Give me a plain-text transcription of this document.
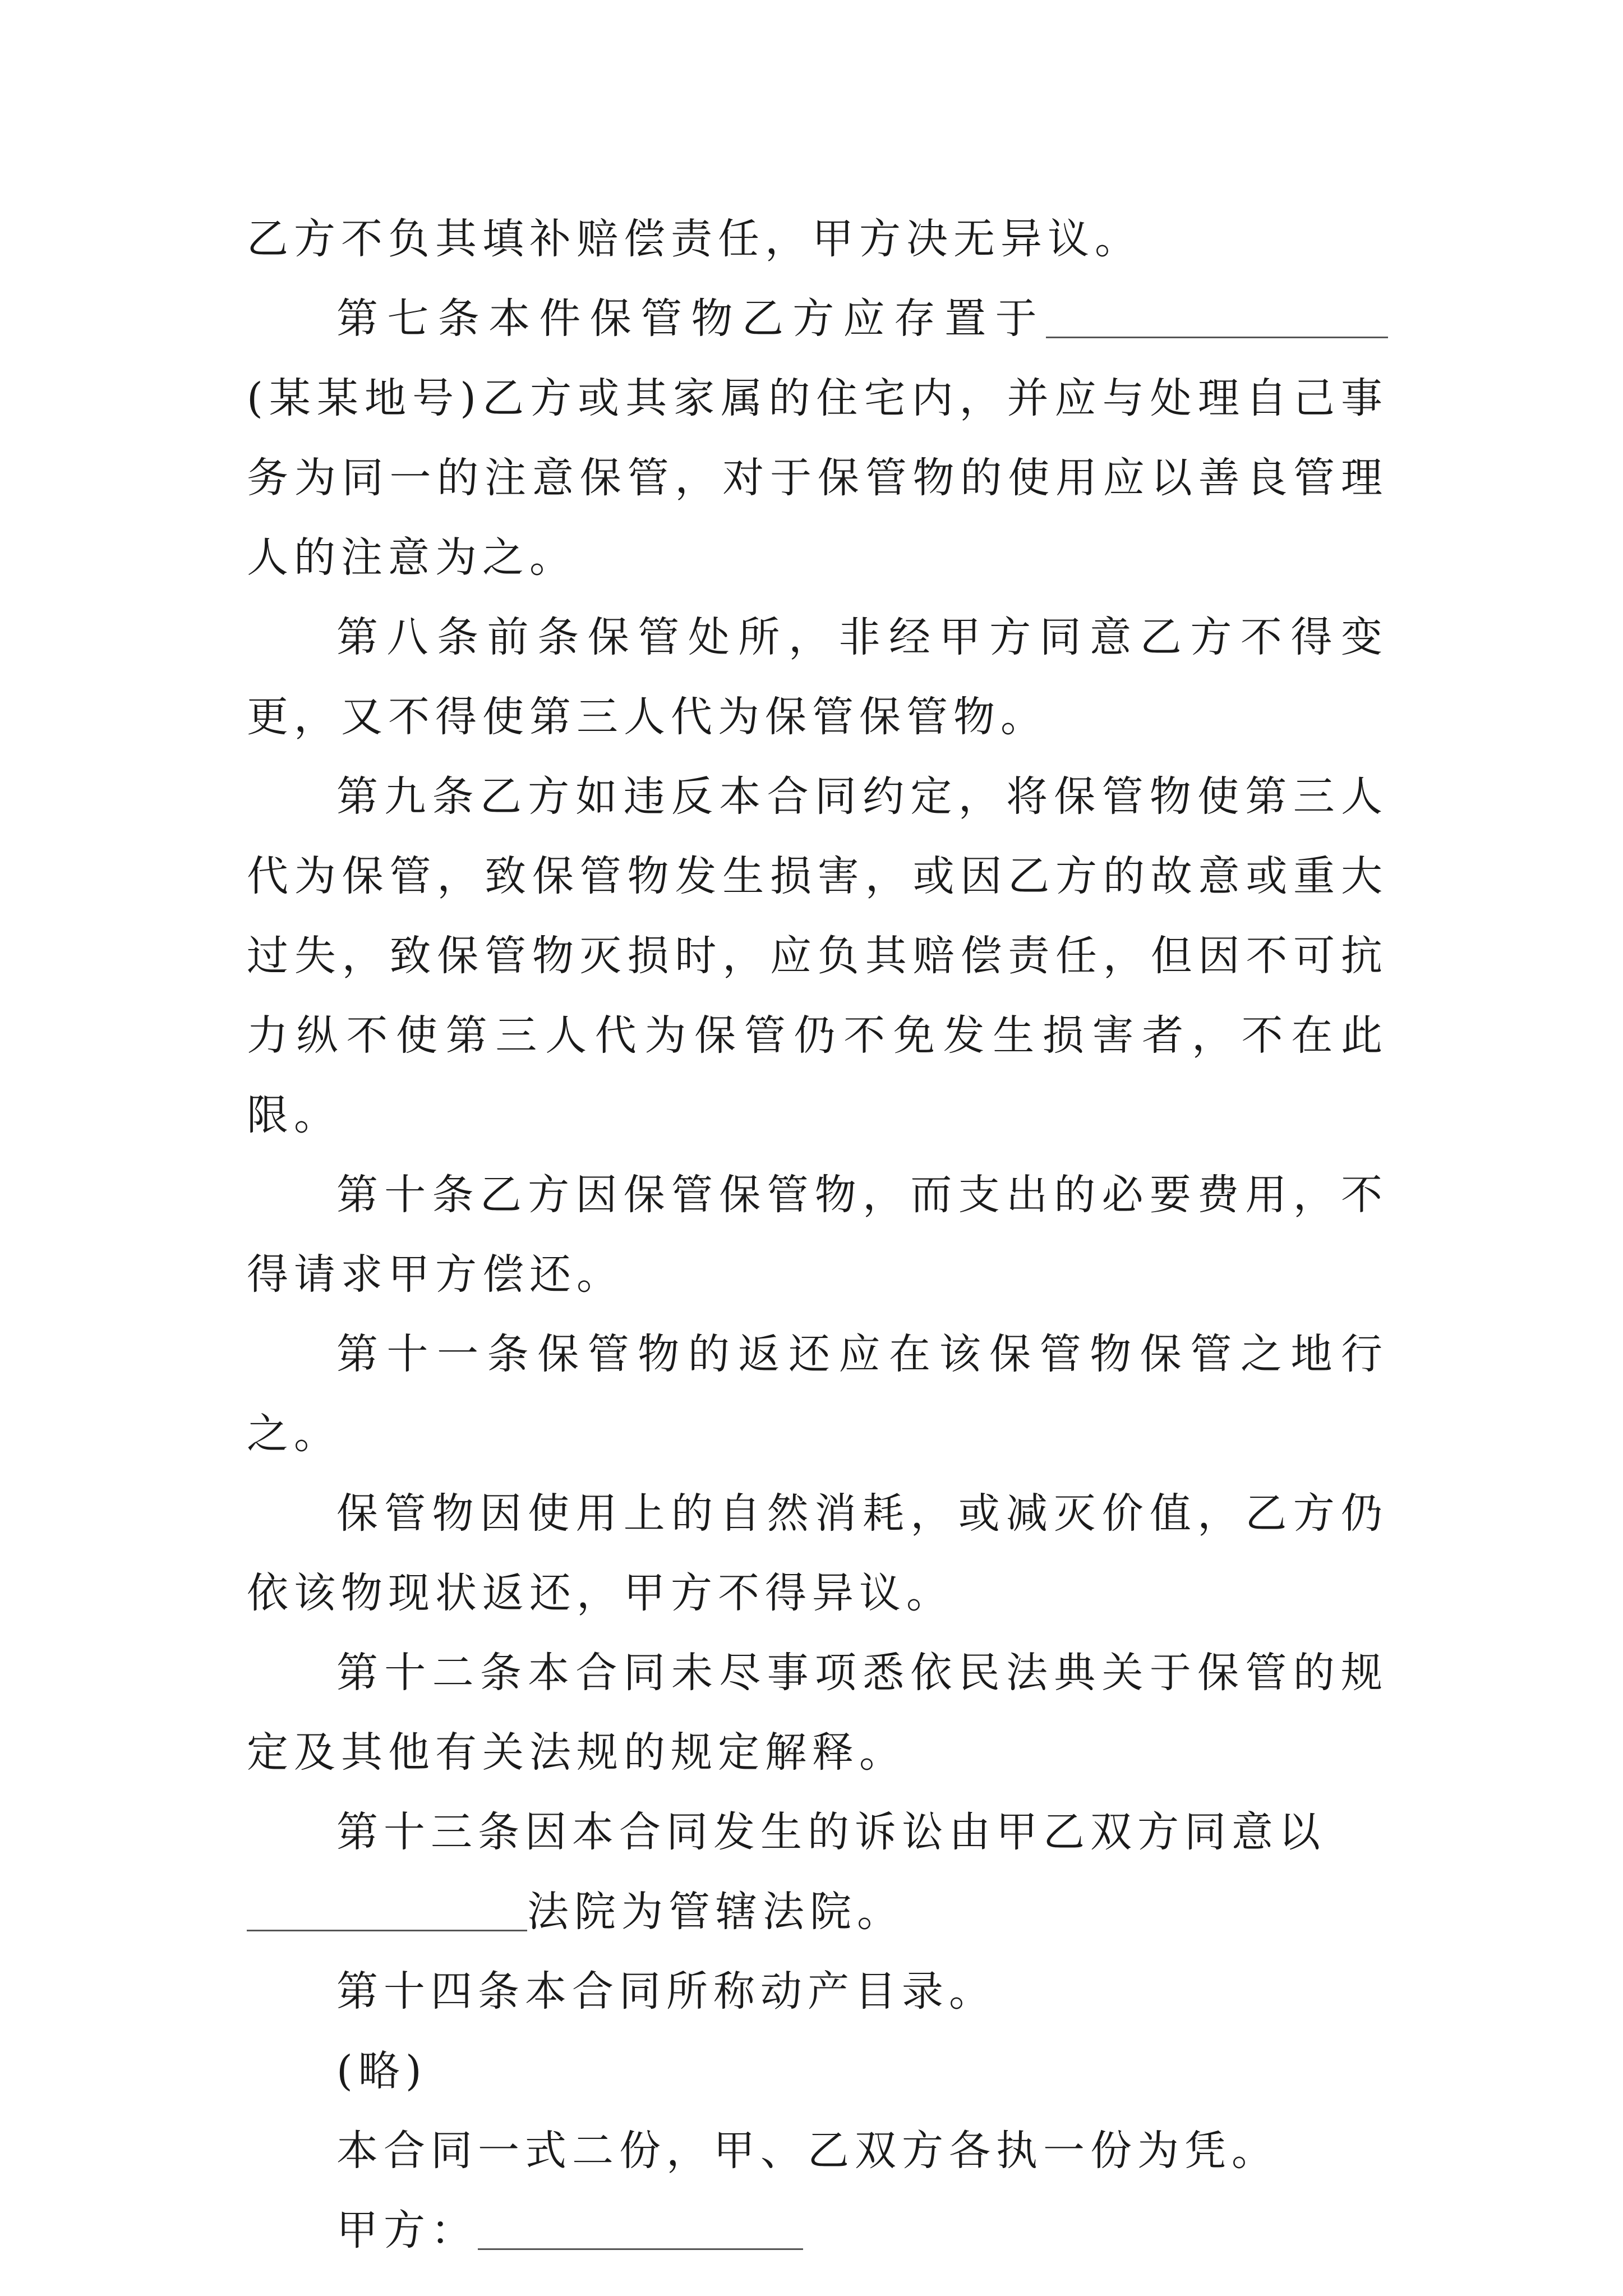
乙方不负其填补赔偿责任，甲方决无异议。

第七条本件保管物乙方应存置于(某某地号)乙方或其家属的住宅内，并应与处理自己事务为同一的注意保管，对于保管物的使用应以善良管理人的注意为之。

第八条前条保管处所，非经甲方同意乙方不得变更，又不得使第三人代为保管保管物。

第九条乙方如违反本合同约定，将保管物使第三人代为保管，致保管物发生损害，或因乙方的故意或重大过失，致保管物灭损时，应负其赔偿责任，但因不可抗力纵不使第三人代为保管仍不免发生损害者，不在此限。

第十条乙方因保管保管物，而支出的必要费用，不得请求甲方偿还。

第十一条保管物的返还应在该保管物保管之地行之。

保管物因使用上的自然消耗，或减灭价值，乙方仍依该物现状返还，甲方不得异议。

第十二条本合同未尽事项悉依民法典关于保管的规定及其他有关法规的规定解释。

第十三条因本合同发生的诉讼由甲乙双方同意以
法院为管辖法院。

第十四条本合同所称动产目录。

(略)

本合同一式二份，甲、乙双方各执一份为凭。

甲方：
